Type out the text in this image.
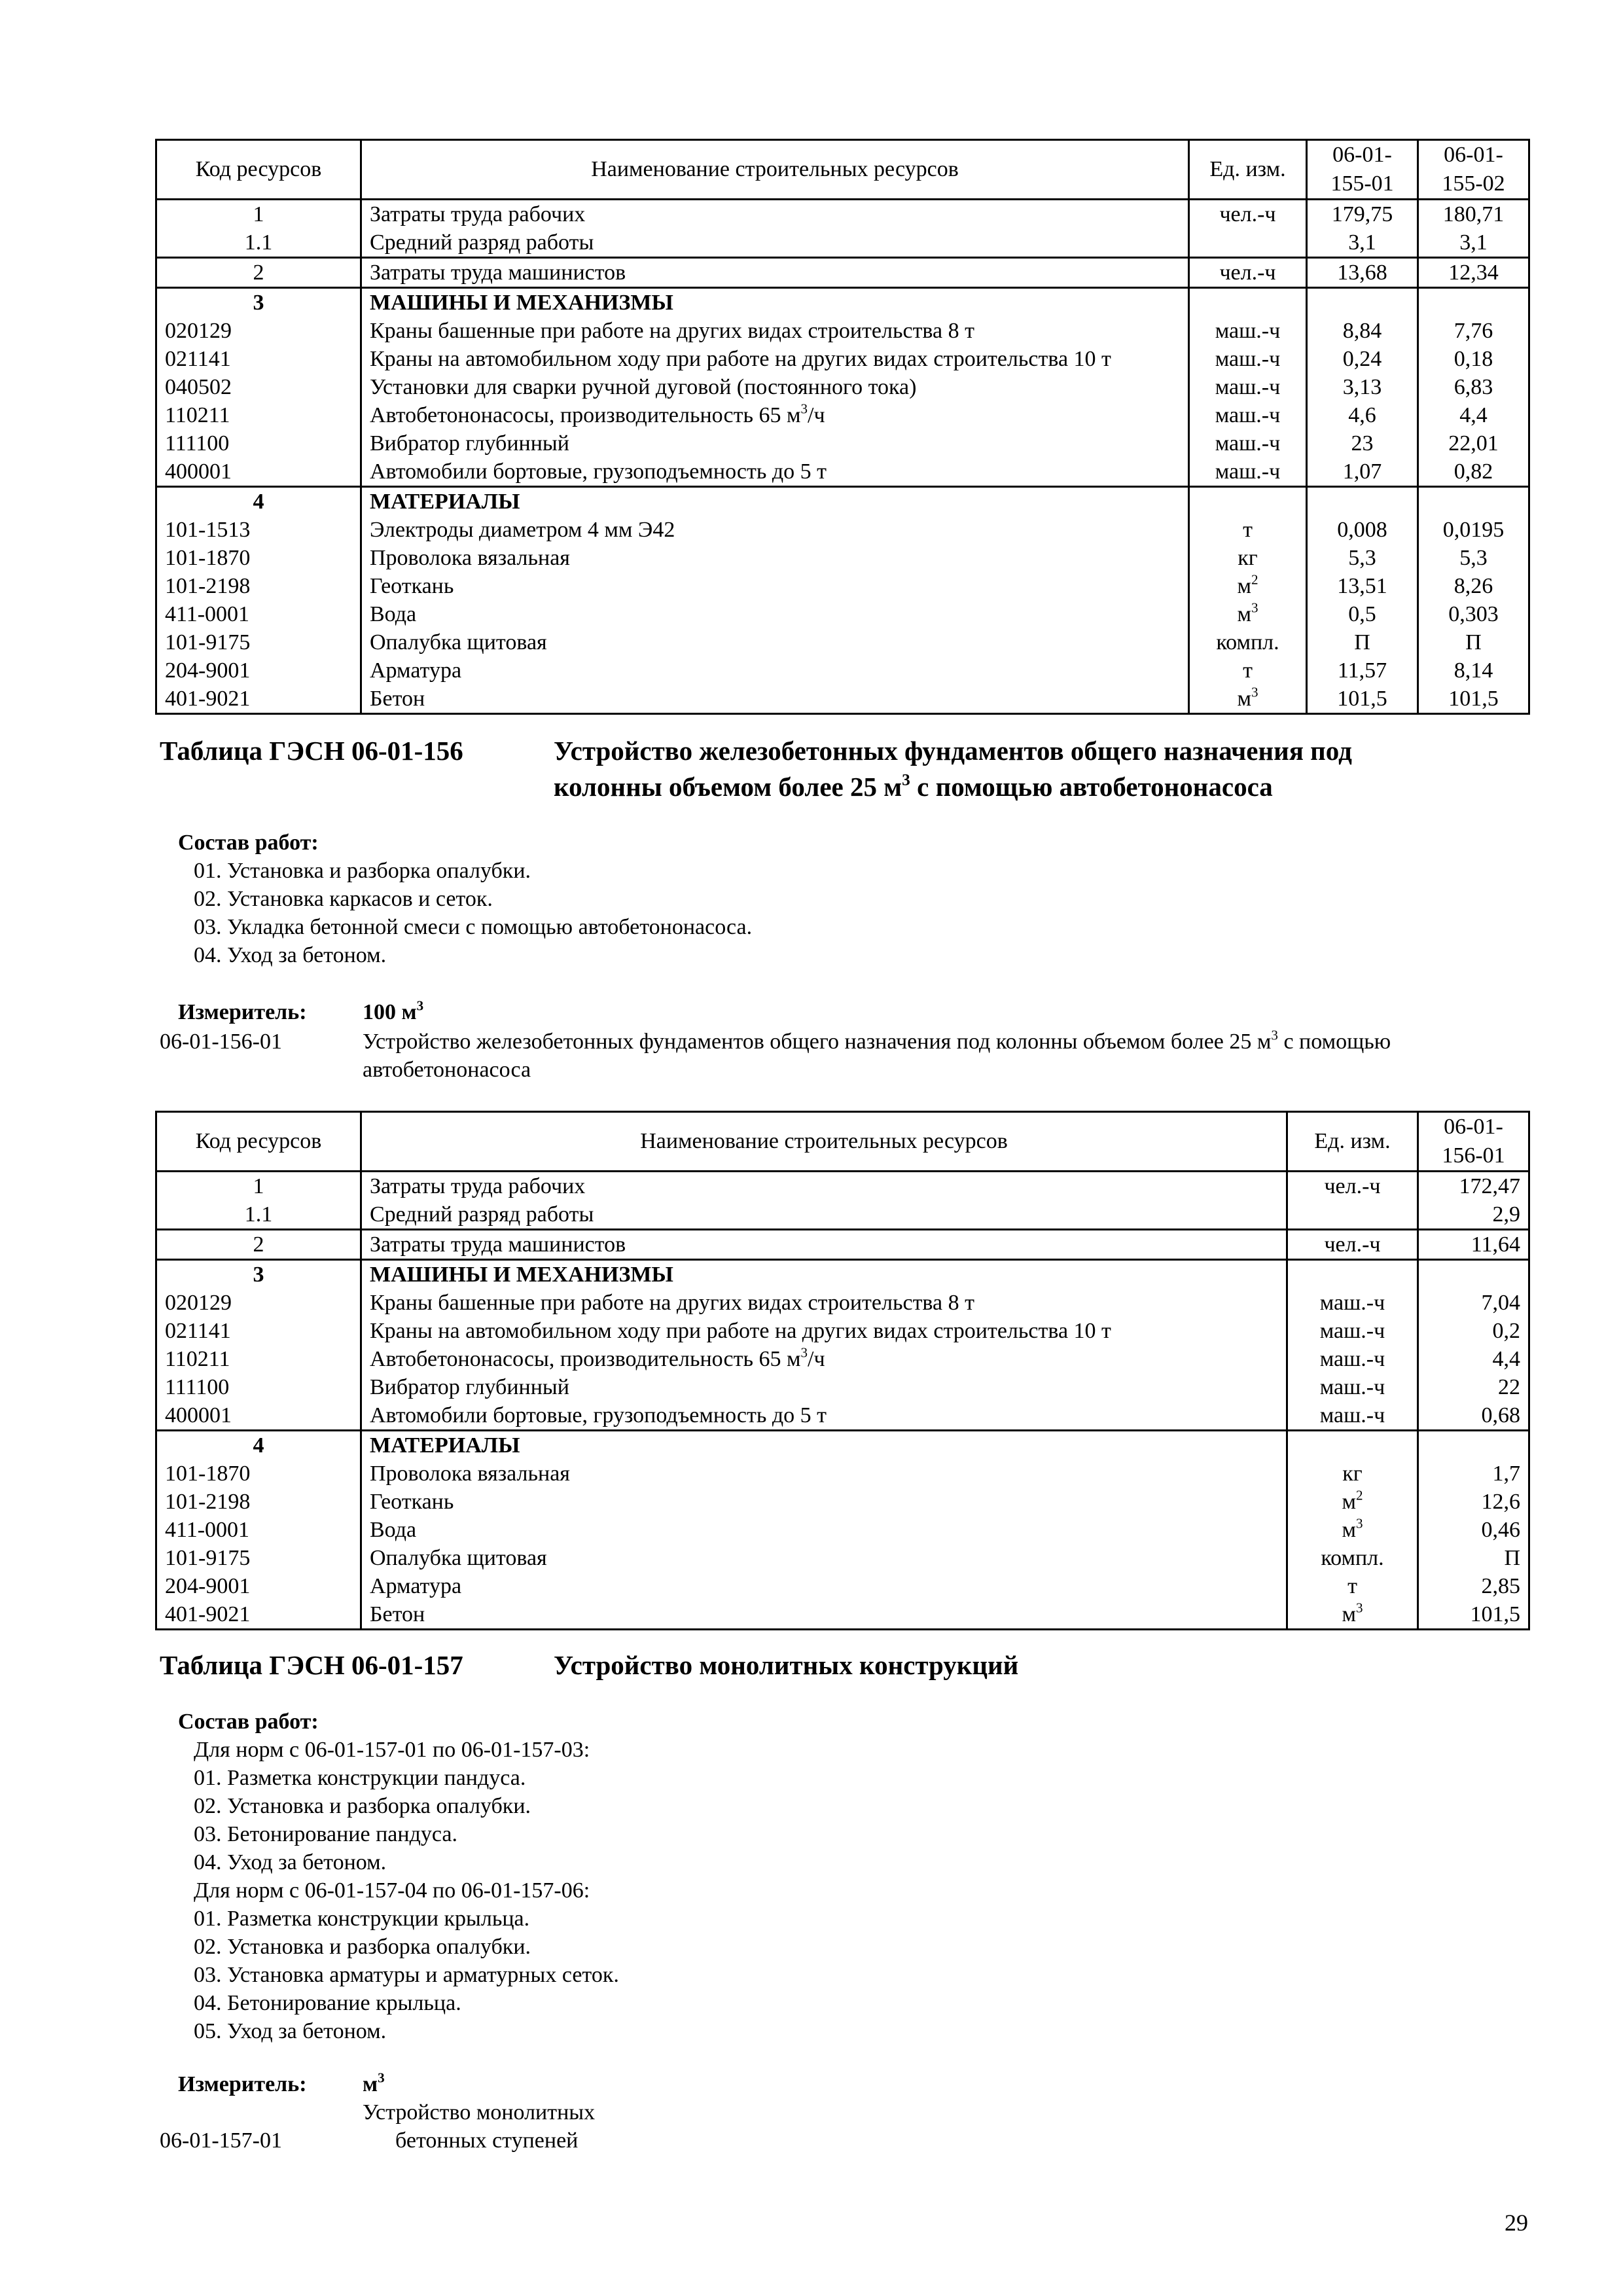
Код ресурсов	Наименование строительных ресурсов	Ед. изм.	06-01-155-01	06-01-155-02
1	Затраты труда рабочих	чел.-ч	179,75	180,71
1.1	Средний разряд работы		3,1	3,1
2	Затраты труда машинистов	чел.-ч	13,68	12,34
3	МАШИНЫ И МЕХАНИЗМЫ			
020129	Краны башенные при работе на других видах строительства 8 т	маш.-ч	8,84	7,76
021141	Краны на автомобильном ходу при работе на других видах строительства 10 т	маш.-ч	0,24	0,18
040502	Установки для сварки ручной дуговой (постоянного тока)	маш.-ч	3,13	6,83
110211	Автобетононасосы, производительность 65 $м^3/ч$	маш.-ч	4,6	4,4
111100	Вибратор глубинный	маш.-ч	23	22,01
400001	Автомобили бортовые, грузоподъемность до 5 т	маш.-ч	1,07	0,82
4	МАТЕРИАЛЫ			
101-1513	Электроды диаметром 4 мм Э42	т	0,008	0,0195
101-1870	Проволока вязальная	кг	5,3	5,3
101-2198	Геоткань	$м^2$	13,51	8,26
411-0001	Вода	$м^3$	0,5	0,303
101-9175	Опалубка щитовая	компл.	П	П
204-9001	Арматура	т	11,57	8,14
401-9021	Бетон	$м^3$	101,5	101,5
Таблица ГЭСН 06-01-156	Устройство железобетонных фундаментов общего назначения под
колонны объемом более 25 $м^3$ с помощью автобетононасоса
Состав работ:
01. Установка и разборка опалубки.
02. Установка каркасов и сеток.
03. Укладка бетонной смеси с помощью автобетононасоса.
04. Уход за бетоном.
Измеритель:	100 $м^3$
06-01-156-01	Устройство железобетонных фундаментов общего назначения под колонны объемом более 25 $м^3$ с помощью
автобетононасоса
Код ресурсов	Наименование строительных ресурсов	Ед. изм.	06-01-156-01
1	Затраты труда рабочих	чел.-ч	172,47
1.1	Средний разряд работы		2,9
2	Затраты труда машинистов	чел.-ч	11,64
3	МАШИНЫ И МЕХАНИЗМЫ		
020129	Краны башенные при работе на других видах строительства 8 т	маш.-ч	7,04
021141	Краны на автомобильном ходу при работе на других видах строительства 10 т	маш.-ч	0,2
110211	Автобетононасосы, производительность 65 $м^3/ч$	маш.-ч	4,4
111100	Вибратор глубинный	маш.-ч	22
400001	Автомобили бортовые, грузоподъемность до 5 т	маш.-ч	0,68
4	МАТЕРИАЛЫ		
101-1870	Проволока вязальная	кг	1,7
101-2198	Геоткань	$м^2$	12,6
411-0001	Вода	$м^3$	0,46
101-9175	Опалубка щитовая	компл.	П
204-9001	Арматура	т	2,85
401-9021	Бетон	$м^3$	101,5
Таблица ГЭСН 06-01-157	Устройство монолитных конструкций
Состав работ:
Для норм с 06-01-157-01 по 06-01-157-03:
01. Разметка конструкции пандуса.
02. Установка и разборка опалубки.
03. Бетонирование пандуса.
04. Уход за бетоном.
Для норм с 06-01-157-04 по 06-01-157-06:
01. Разметка конструкции крыльца.
02. Установка и разборка опалубки.
03. Установка арматуры и арматурных сеток.
04. Бетонирование крыльца.
05. Уход за бетоном.
Измеритель:	$м^3$
Устройство монолитных
06-01-157-01	бетонных ступеней
29
